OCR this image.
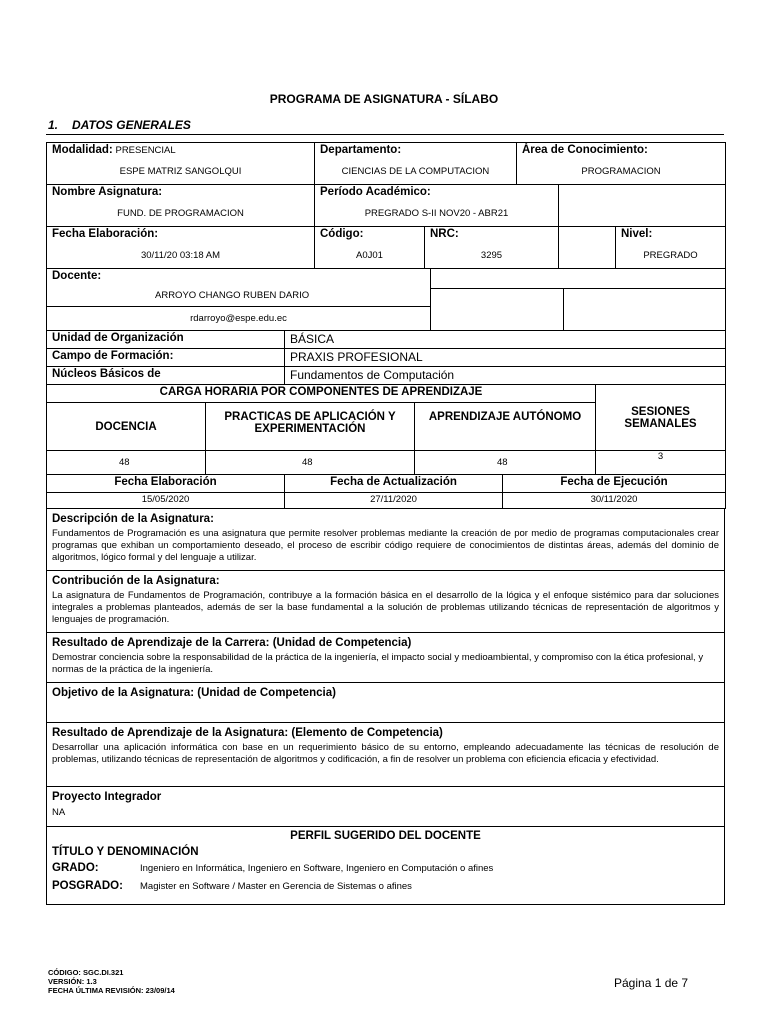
PROGRAMA DE ASIGNATURA - SÍLABO
1. DATOS GENERALES
Modalidad: PRESENCIAL	Departamento:		Área de Conocimiento:		
ESPE MATRIZ SANGOLQUI	CIENCIAS DE LA COMPUTACION		PROGRAMACION		
Nombre Asignatura:	Período Académico:				
FUND. DE PROGRAMACION	PREGRADO S-II NOV20 - ABR21				
Fecha Elaboración:	Código:	NRC:			Nivel:
30/11/20 03:18 AM	A0J01	3295			PREGRADO
Docente:		
ARROYO CHANGO RUBEN DARIO		
rdarroyo@espe.edu.ec		
Unidad de Organización	BÁSICA
Campo de Formación:	PRAXIS PROFESIONAL
Núcleos Básicos de	Fundamentos de Computación
CARGA HORARIA POR COMPONENTES DE APRENDIZAJE			SESIONES SEMANALES
DOCENCIA	PRACTICAS DE APLICACIÓN Y EXPERIMENTACIÓN	APRENDIZAJE AUTÓNOMO	
48	48	48	3
Fecha Elaboración	Fecha de Actualización	Fecha de Ejecución
15/05/2020	27/11/2020	30/11/2020
Descripción de la Asignatura:
Fundamentos de Programación es una asignatura que permite resolver problemas mediante la creación de por medio de programas computacionales crear programas que exhiban un comportamiento deseado, el proceso de escribir código requiere de conocimientos de distintas áreas, además del dominio de algoritmos, lógico formal y del lenguaje a utilizar.

Contribución de la Asignatura:
La asignatura de Fundamentos de Programación, contribuye a la formación básica en el desarrollo de la lógica y el enfoque sistémico para dar soluciones integrales a problemas planteados, además de ser la base fundamental a la solución de problemas utilizando técnicas de representación de algoritmos y lenguajes de programación.

Resultado de Aprendizaje de la Carrera: (Unidad de Competencia)
Demostrar conciencia sobre la responsabilidad de la práctica de la ingeniería, el impacto social y medioambiental, y compromiso con la ética profesional, y normas de la práctica de la ingeniería.

Objetivo de la Asignatura: (Unidad de Competencia)

Resultado de Aprendizaje de la Asignatura: (Elemento de Competencia)
Desarrollar una aplicación informática con base en un requerimiento básico de su entorno, empleando adecuadamente las técnicas de resolución de problemas, utilizando técnicas de representación de algoritmos y codificación, a fin de resolver un problema con eficiencia eficacia y efectividad.

Proyecto Integrador
NA

PERFIL SUGERIDO DEL DOCENTE
TÍTULO Y DENOMINACIÓN
GRADO:	Ingeniero en Informática, Ingeniero en Software, Ingeniero en Computación o afines
POSGRADO: Magister en Software / Master en Gerencia de Sistemas o afines
CÓDIGO: SGC.DI.321
VERSIÓN: 1.3
FECHA ÚLTIMA REVISIÓN: 23/09/14
Página 1 de 7
